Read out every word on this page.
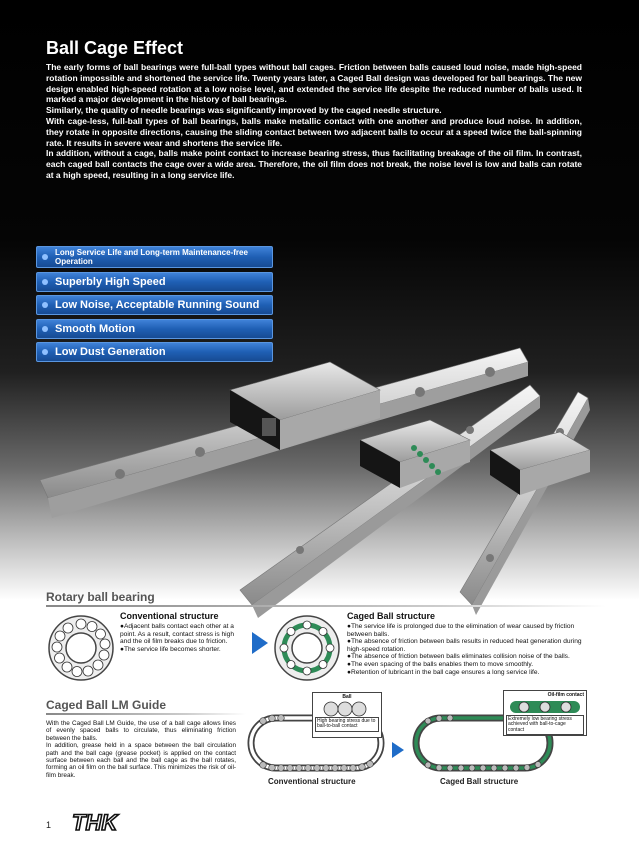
Ball Cage Effect

The early forms of ball bearings were full-ball types without ball cages. Friction between balls caused loud noise, made high-speed rotation impossible and shortened the service life. Twenty years later, a Caged Ball design was developed for ball bearings. The new design enabled high-speed rotation at a low noise level, and extended the service life despite the reduced number of balls used. It marked a major development in the history of ball bearings.

Similarly, the quality of needle bearings was significantly improved by the caged needle structure.

With cage-less, full-ball types of ball bearings, balls make metallic contact with one another and produce loud noise. In addition, they rotate in opposite directions, causing the sliding contact between two adjacent balls to occur at a speed twice the ball-spinning rate. It results in severe wear and shortens the service life.

In addition, without a cage, balls make point contact to increase bearing stress, thus facilitating breakage of the oil film. In contrast, each caged ball contacts the cage over a wide area. Therefore, the oil film does not break, the noise level is low and balls can rotate at a high speed, resulting in a long service life.

Long Service Life and Long-term Maintenance-free Operation
Superbly High Speed
Low Noise, Acceptable Running Sound
Smooth Motion
Low Dust Generation
Rotary ball bearing
Conventional structure
●Adjacent balls contact each other at a point. As a result, contact stress is high and the oil film breaks due to friction.
●The service life becomes shorter.
Caged Ball structure
●The service life is prolonged due to the elimination of wear caused by friction between balls.
●The absence of friction between balls results in reduced heat generation during high-speed rotation.
●The absence of friction between balls eliminates collision noise of the balls.
●The even spacing of the balls enables them to move smoothly.
●Retention of lubricant in the ball cage ensures a long service life.
Caged Ball LM Guide
With the Caged Ball LM Guide, the use of a ball cage allows lines of evenly spaced balls to circulate, thus eliminating friction between the balls.
In addition, grease held in a space between the ball circulation path and the ball cage (grease pocket) is applied on the contact surface between each ball and the ball cage as the ball rotates, forming an oil film on the ball surface. This minimizes the risk of oil-film break.
Ball
High bearing stress due to ball-to-ball contact
Conventional structure
Oil-film contact
Extremely low bearing stress achieved with ball-to-cage contact
Caged Ball structure
1 THK
